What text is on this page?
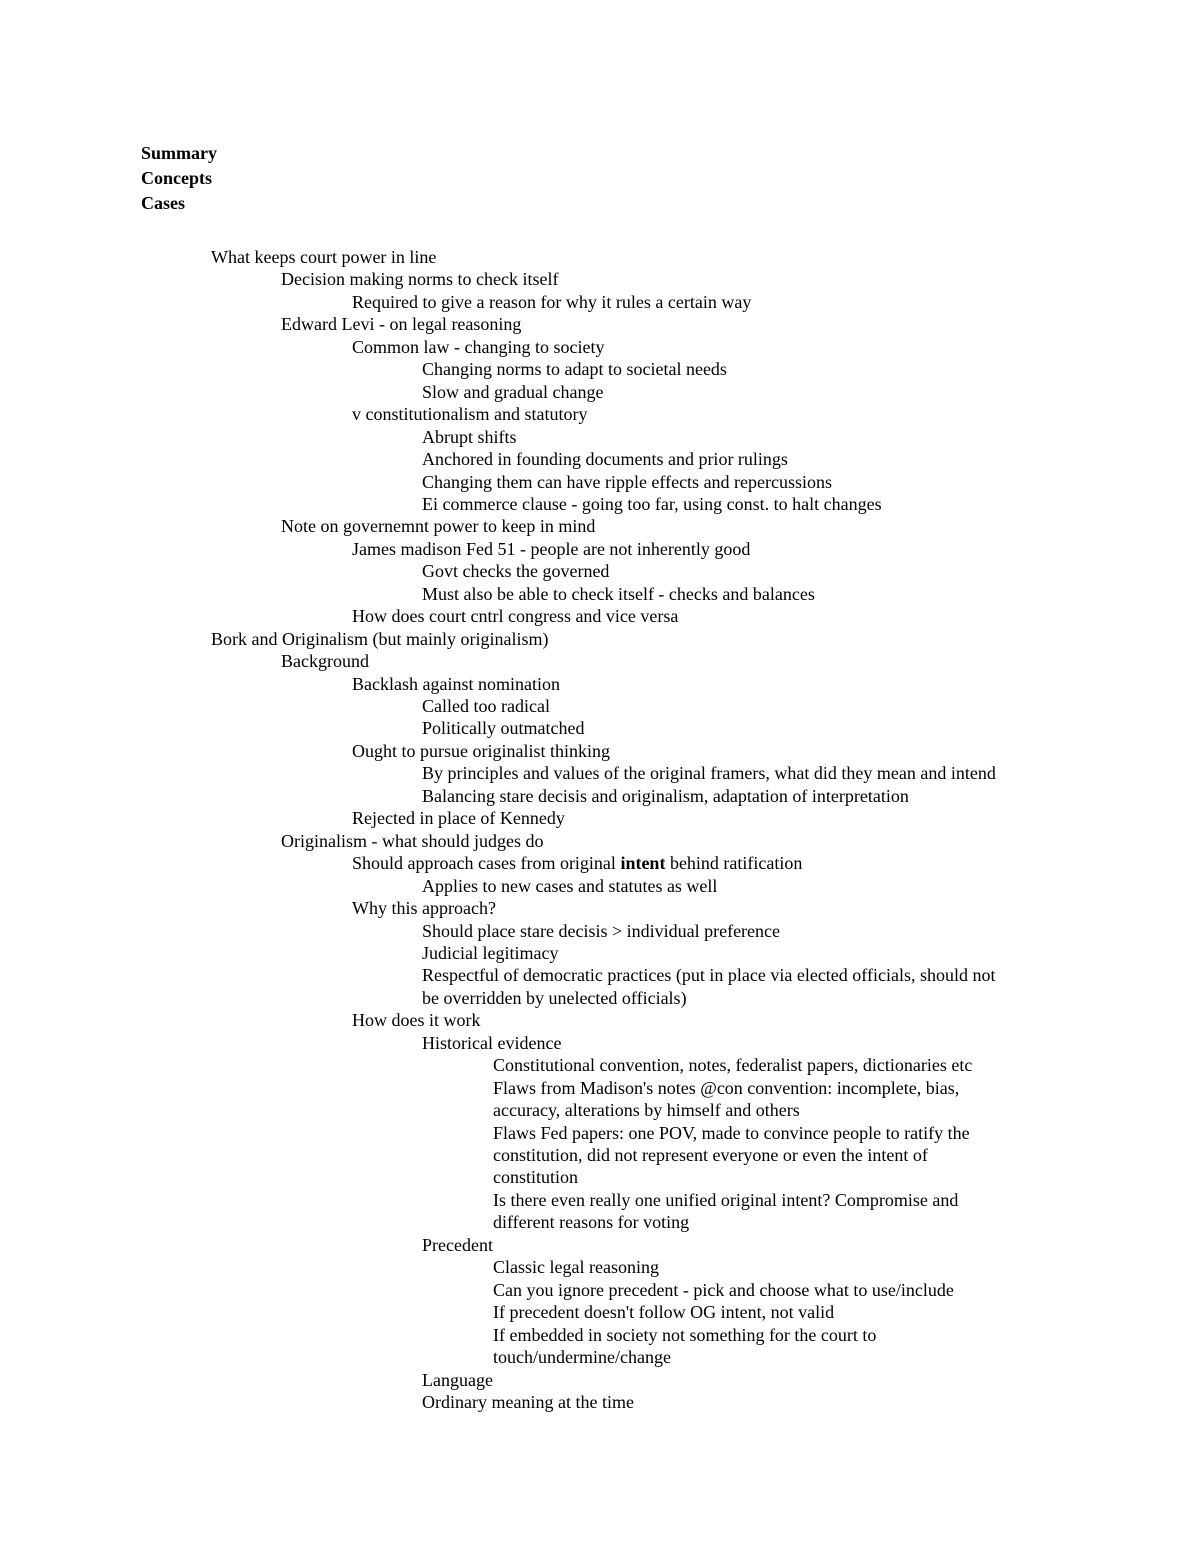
Summary
Concepts
Cases
What keeps court power in line
Decision making norms to check itself
Required to give a reason for why it rules a certain way
Edward Levi - on legal reasoning
Common law - changing to society
Changing norms to adapt to societal needs
Slow and gradual change
v constitutionalism and statutory
Abrupt shifts
Anchored in founding documents and prior rulings
Changing them can have ripple effects and repercussions
Ei commerce clause - going too far, using const. to halt changes
Note on governemnt power to keep in mind
James madison Fed 51 - people are not inherently good
Govt checks the governed
Must also be able to check itself - checks and balances
How does court cntrl congress and vice versa
Bork and Originalism (but mainly originalism)
Background
Backlash against nomination
Called too radical
Politically outmatched
Ought to pursue originalist thinking
By principles and values of the original framers, what did they mean and intend
Balancing stare decisis and originalism, adaptation of interpretation
Rejected in place of Kennedy
Originalism - what should judges do
Should approach cases from original intent behind ratification
Applies to new cases and statutes as well
Why this approach?
Should place stare decisis > individual preference
Judicial legitimacy
Respectful of democratic practices (put in place via elected officials, should not
be overridden by unelected officials)
How does it work
Historical evidence
Constitutional convention, notes, federalist papers, dictionaries etc
Flaws from Madison's notes @con convention: incomplete, bias,
accuracy, alterations by himself and others
Flaws Fed papers: one POV, made to convince people to ratify the
constitution, did not represent everyone or even the intent of
constitution
Is there even really one unified original intent? Compromise and
different reasons for voting
Precedent
Classic legal reasoning
Can you ignore precedent - pick and choose what to use/include
If precedent doesn't follow OG intent, not valid
If embedded in society not something for the court to
touch/undermine/change
Language
Ordinary meaning at the time
